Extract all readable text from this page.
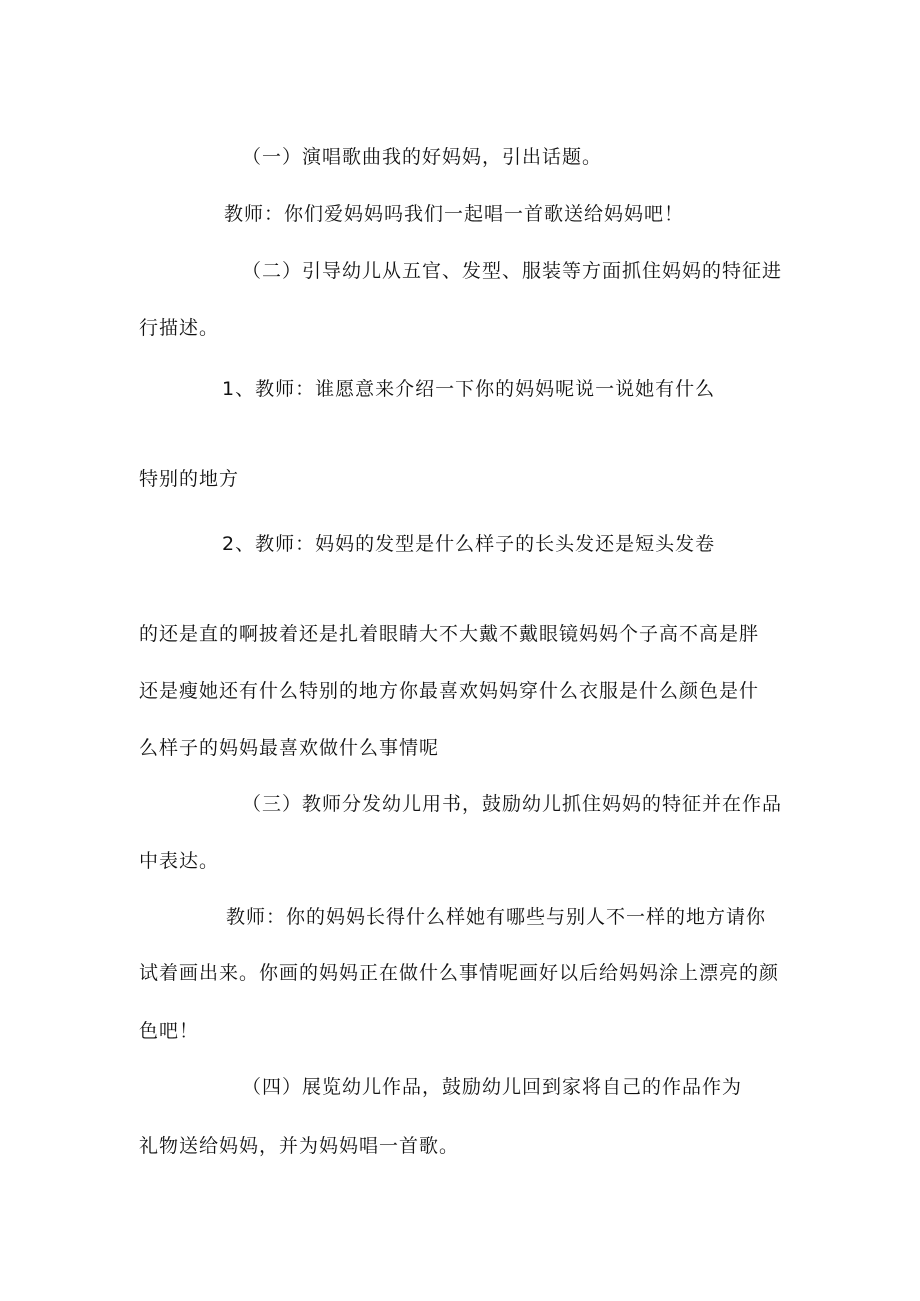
（一）演唱歌曲我的好妈妈，引出话题。
教师：你们爱妈妈吗我们一起唱一首歌送给妈妈吧！
（二）引导幼儿从五官、发型、服装等方面抓住妈妈的特征进
行描述。
1、教师：谁愿意来介绍一下你的妈妈呢说一说她有什么
特别的地方
2、教师：妈妈的发型是什么样子的长头发还是短头发卷
的还是直的啊披着还是扎着眼睛大不大戴不戴眼镜妈妈个子高不高是胖
还是瘦她还有什么特别的地方你最喜欢妈妈穿什么衣服是什么颜色是什
么样子的妈妈最喜欢做什么事情呢
（三）教师分发幼儿用书，鼓励幼儿抓住妈妈的特征并在作品
中表达。
教师：你的妈妈长得什么样她有哪些与别人不一样的地方请你
试着画出来。你画的妈妈正在做什么事情呢画好以后给妈妈涂上漂亮的颜
色吧！
（四）展览幼儿作品，鼓励幼儿回到家将自己的作品作为
礼物送给妈妈，并为妈妈唱一首歌。
